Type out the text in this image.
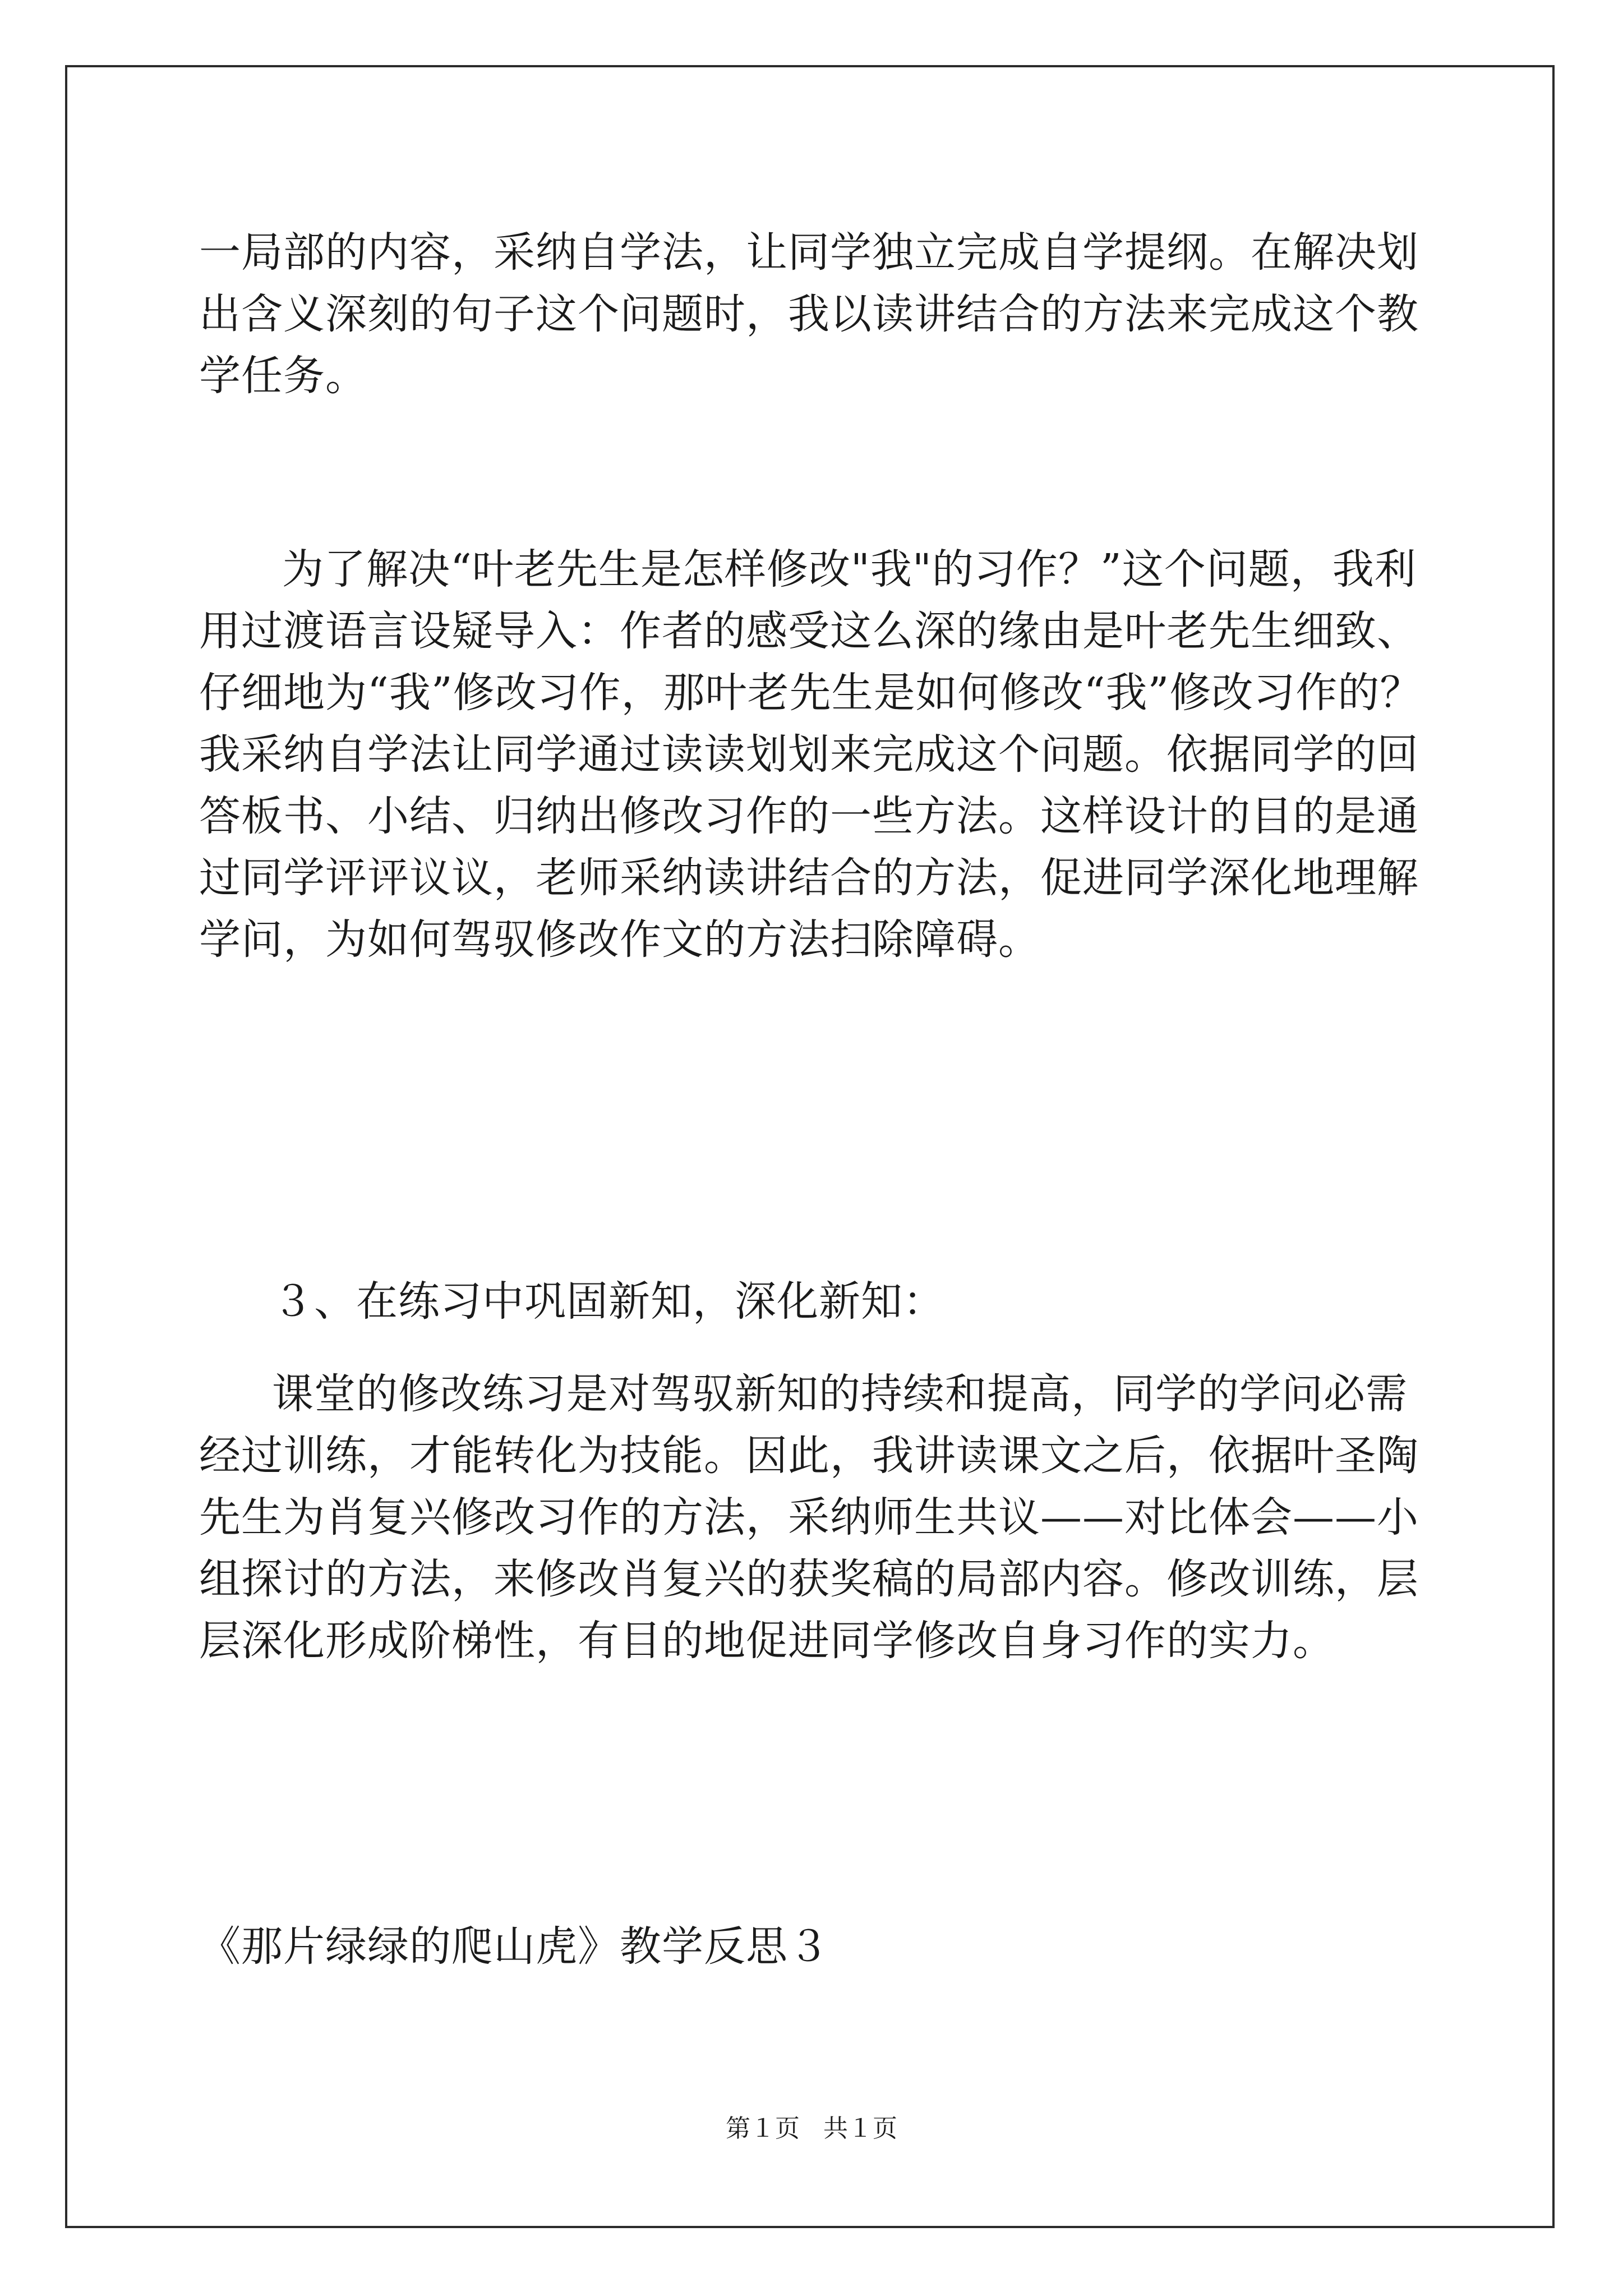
一局部的内容，采纳自学法，让同学独立完成自学提纲。在解决划出含义深刻的句子这个问题时，我以读讲结合的方法来完成这个教学任务。

为了解决“叶老先生是怎样修改"我"的习作？”这个问题，我利用过渡语言设疑导入：作者的感受这么深的缘由是叶老先生细致、仔细地为“我”修改习作，那叶老先生是如何修改“我”修改习作的？我采纳自学法让同学通过读读划划来完成这个问题。依据同学的回答板书、小结、归纳出修改习作的一些方法。这样设计的目的是通过同学评评议议，老师采纳读讲结合的方法，促进同学深化地理解学问，为如何驾驭修改作文的方法扫除障碍。

３、在练习中巩固新知，深化新知：

课堂的修改练习是对驾驭新知的持续和提高，同学的学问必需经过训练，才能转化为技能。因此，我讲读课文之后，依据叶圣陶先生为肖复兴修改习作的方法，采纳师生共议——对比体会——小组探讨的方法，来修改肖复兴的获奖稿的局部内容。修改训练，层层深化形成阶梯性，有目的地促进同学修改自身习作的实力。

《那片绿绿的爬山虎》教学反思３

第１页   共１页
